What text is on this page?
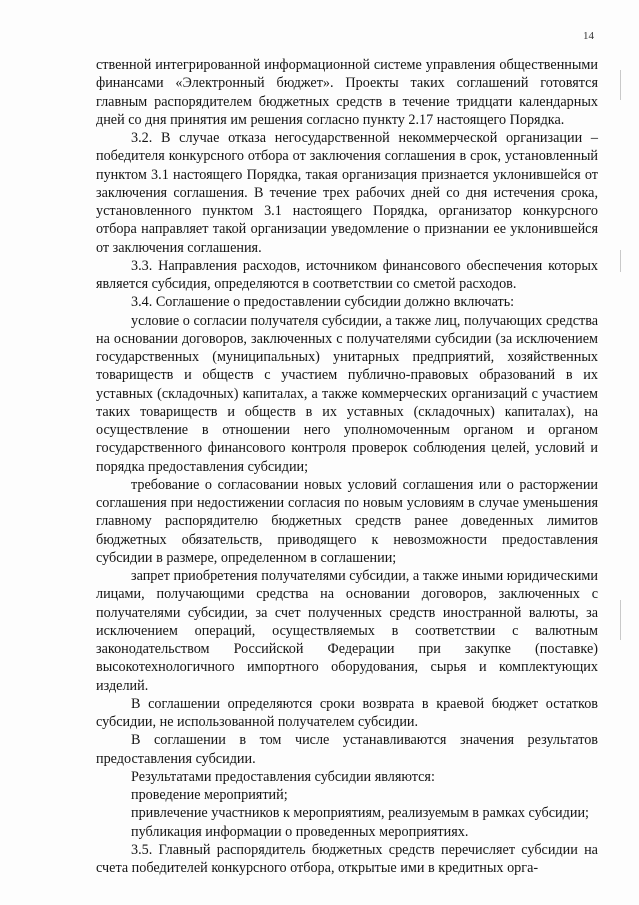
14

ственной интегрированной информационной системе управления общественными финансами «Электронный бюджет». Проекты таких соглашений готовятся главным распорядителем бюджетных средств в течение тридцати календарных дней со дня принятия им решения согласно пункту 2.17 настоящего Порядка.

3.2. В случае отказа негосударственной некоммерческой организации – победителя конкурсного отбора от заключения соглашения в срок, установленный пунктом 3.1 настоящего Порядка, такая организация признается уклонившейся от заключения соглашения. В течение трех рабочих дней со дня истечения срока, установленного пунктом 3.1 настоящего Порядка, организатор конкурсного отбора направляет такой организации уведомление о признании ее уклонившейся от заключения соглашения.

3.3. Направления расходов, источником финансового обеспечения которых является субсидия, определяются в соответствии со сметой расходов.

3.4. Соглашение о предоставлении субсидии должно включать:

условие о согласии получателя субсидии, а также лиц, получающих средства на основании договоров, заключенных с получателями субсидии (за исключением государственных (муниципальных) унитарных предприятий, хозяйственных товариществ и обществ с участием публично-правовых образований в их уставных (складочных) капиталах, а также коммерческих организаций с участием таких товариществ и обществ в их уставных (складочных) капиталах), на осуществление в отношении него уполномоченным органом и органом государственного финансового контроля проверок соблюдения целей, условий и порядка предоставления субсидии;

требование о согласовании новых условий соглашения или о расторжении соглашения при недостижении согласия по новым условиям в случае уменьшения главному распорядителю бюджетных средств ранее доведенных лимитов бюджетных обязательств, приводящего к невозможности предоставления субсидии в размере, определенном в соглашении;

запрет приобретения получателями субсидии, а также иными юридическими лицами, получающими средства на основании договоров, заключенных с получателями субсидии, за счет полученных средств иностранной валюты, за исключением операций, осуществляемых в соответствии с валютным законодательством Российской Федерации при закупке (поставке) высокотехнологичного импортного оборудования, сырья и комплектующих изделий.

В соглашении определяются сроки возврата в краевой бюджет остатков субсидии, не использованной получателем субсидии.

В соглашении в том числе устанавливаются значения результатов предоставления субсидии.

Результатами предоставления субсидии являются:

проведение мероприятий;

привлечение участников к мероприятиям, реализуемым в рамках субсидии;

публикация информации о проведенных мероприятиях.

3.5. Главный распорядитель бюджетных средств перечисляет субсидии на счета победителей конкурсного отбора, открытые ими в кредитных орга-
